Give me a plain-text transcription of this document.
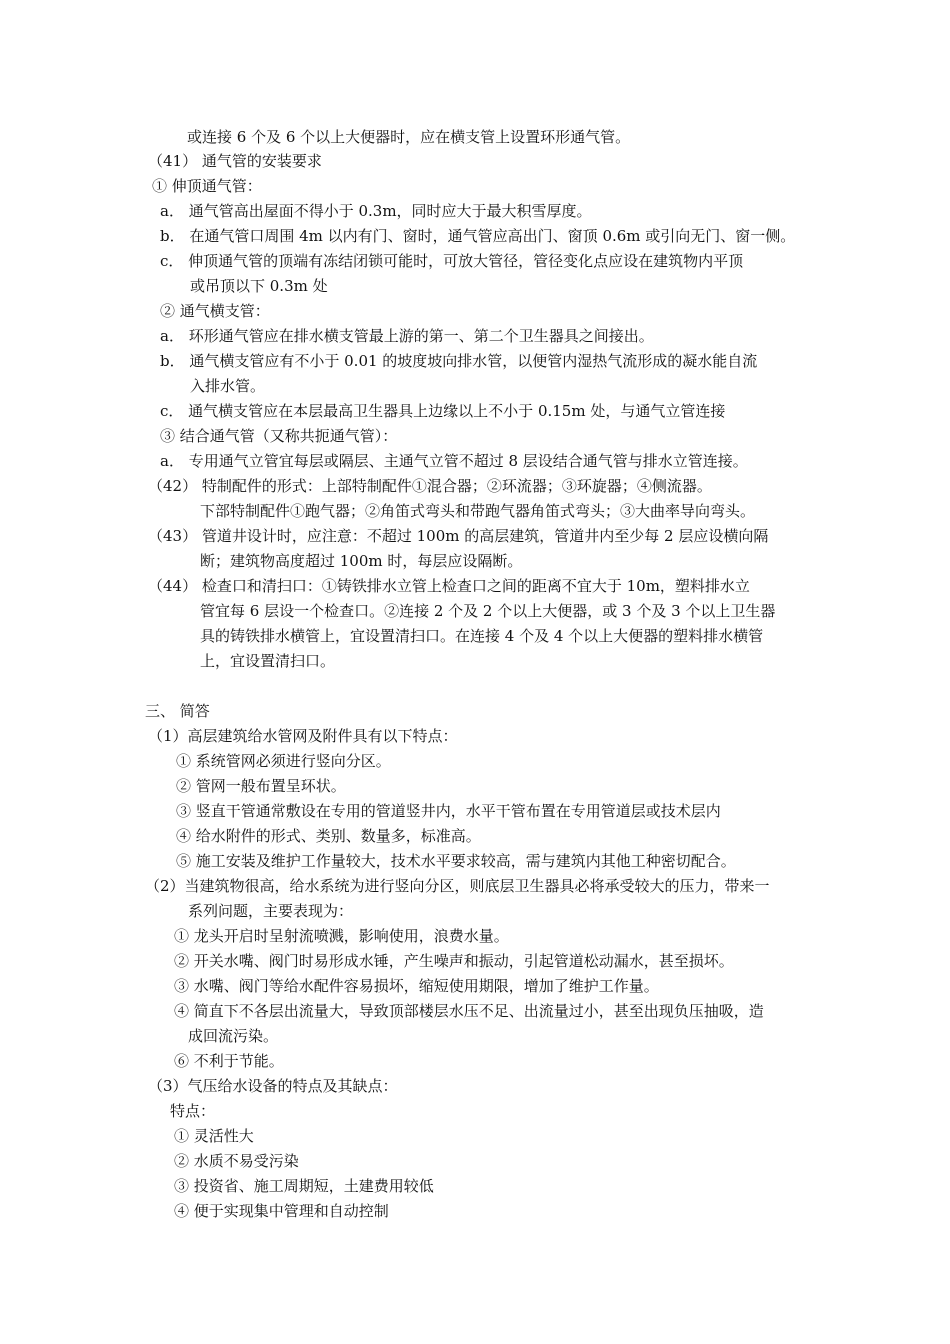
或连接 6 个及 6 个以上大便器时，应在横支管上设置环形通气管。
（41） 通气管的安装要求
① 伸顶通气管：
a． 通气管高出屋面不得小于 0.3m，同时应大于最大积雪厚度。
b． 在通气管口周围 4m 以内有门、窗时，通气管应高出门、窗顶 0.6m 或引向无门、窗一侧。
c． 伸顶通气管的顶端有冻结闭锁可能时，可放大管径，管径变化点应设在建筑物内平顶
或吊顶以下 0.3m 处
② 通气横支管：
a． 环形通气管应在排水横支管最上游的第一、第二个卫生器具之间接出。
b． 通气横支管应有不小于 0.01 的坡度坡向排水管，以便管内湿热气流形成的凝水能自流
入排水管。
c． 通气横支管应在本层最高卫生器具上边缘以上不小于 0.15m 处，与通气立管连接
③ 结合通气管（又称共扼通气管）：
a． 专用通气立管宜每层或隔层、主通气立管不超过 8 层设结合通气管与排水立管连接。
（42） 特制配件的形式：上部特制配件①混合器；②环流器；③环旋器；④侧流器。
下部特制配件①跑气器；②角笛式弯头和带跑气器角笛式弯头；③大曲率导向弯头。
（43） 管道井设计时，应注意：不超过 100m 的高层建筑，管道井内至少每 2 层应设横向隔
断；建筑物高度超过 100m 时，每层应设隔断。
（44） 检查口和清扫口：①铸铁排水立管上检查口之间的距离不宜大于 10m，塑料排水立
管宜每 6 层设一个检查口。②连接 2 个及 2 个以上大便器，或 3 个及 3 个以上卫生器
具的铸铁排水横管上，宜设置清扫口。在连接 4 个及 4 个以上大便器的塑料排水横管
上，宜设置清扫口。
三、 简答
（1）高层建筑给水管网及附件具有以下特点：
① 系统管网必须进行竖向分区。
② 管网一般布置呈环状。
③ 竖直干管通常敷设在专用的管道竖井内，水平干管布置在专用管道层或技术层内
④ 给水附件的形式、类别、数量多，标准高。
⑤ 施工安装及维护工作量较大，技术水平要求较高，需与建筑内其他工种密切配合。
（2）当建筑物很高，给水系统为进行竖向分区，则底层卫生器具必将承受较大的压力，带来一
系列问题，主要表现为：
① 龙头开启时呈射流喷溅，影响使用，浪费水量。
② 开关水嘴、阀门时易形成水锤，产生噪声和振动，引起管道松动漏水，甚至损坏。
③ 水嘴、阀门等给水配件容易损坏，缩短使用期限，增加了维护工作量。
④ 简直下不各层出流量大，导致顶部楼层水压不足、出流量过小，甚至出现负压抽吸，造
成回流污染。
⑥ 不利于节能。
（3）气压给水设备的特点及其缺点：
特点：
① 灵活性大
② 水质不易受污染
③ 投资省、施工周期短，土建费用较低
④ 便于实现集中管理和自动控制
